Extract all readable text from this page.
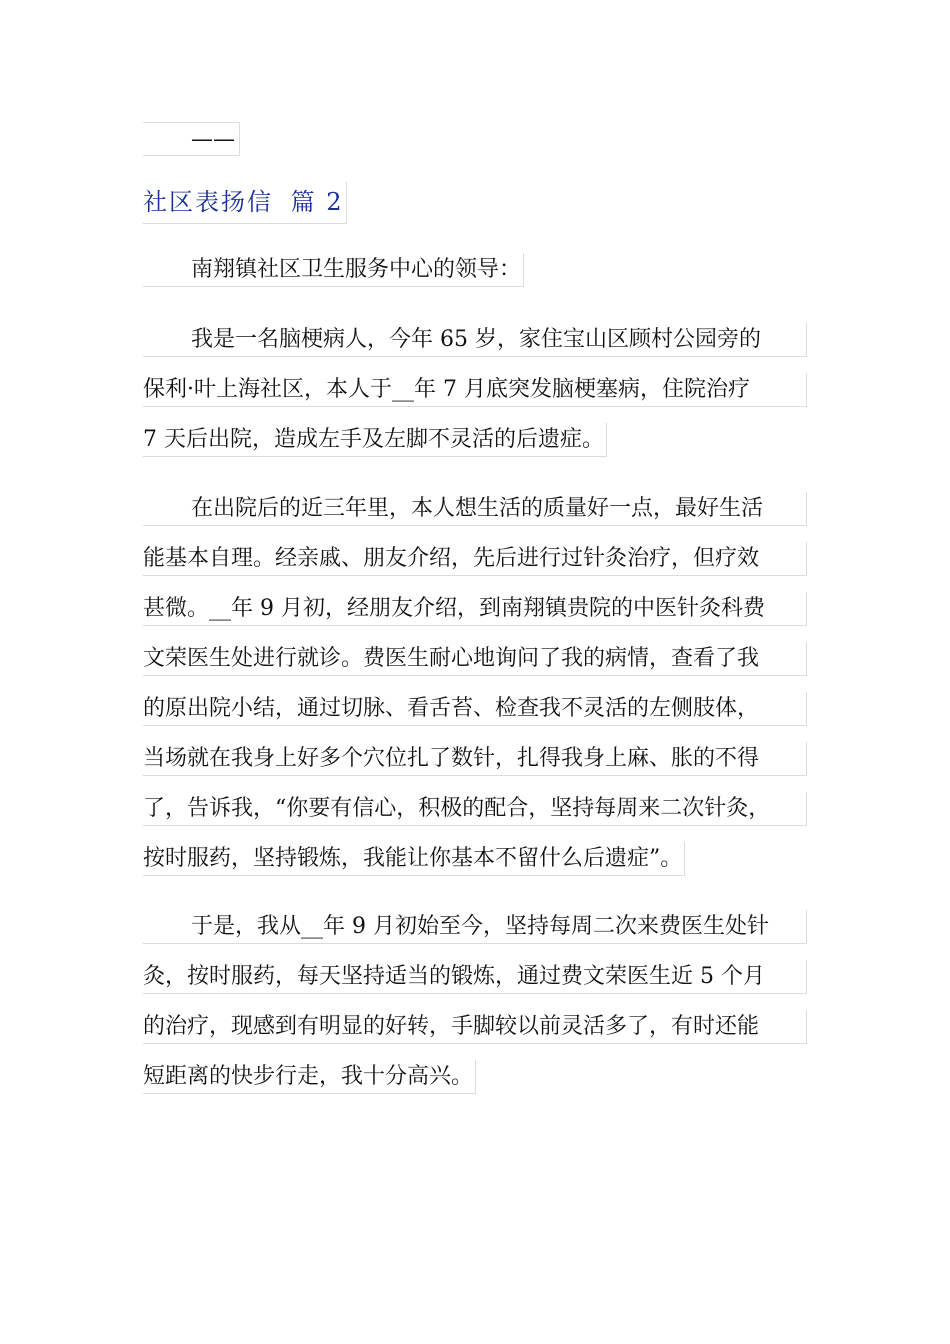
——
社区表扬信 篇 2
南翔镇社区卫生服务中心的领导：
我是一名脑梗病人，今年 65 岁，家住宝山区顾村公园旁的
保利·叶上海社区，本人于__年 7 月底突发脑梗塞病，住院治疗
7 天后出院，造成左手及左脚不灵活的后遗症。
在出院后的近三年里，本人想生活的质量好一点，最好生活
能基本自理。经亲戚、朋友介绍，先后进行过针灸治疗，但疗效
甚微。__年 9 月初，经朋友介绍，到南翔镇贵院的中医针灸科费
文荣医生处进行就诊。费医生耐心地询问了我的病情，查看了我
的原出院小结，通过切脉、看舌苔、检查我不灵活的左侧肢体，
当场就在我身上好多个穴位扎了数针，扎得我身上麻、胀的不得
了，告诉我，“你要有信心，积极的配合，坚持每周来二次针灸，
按时服药，坚持锻炼，我能让你基本不留什么后遗症”。
于是，我从__年 9 月初始至今，坚持每周二次来费医生处针
灸，按时服药，每天坚持适当的锻炼，通过费文荣医生近 5 个月
的治疗，现感到有明显的好转，手脚较以前灵活多了，有时还能
短距离的快步行走，我十分高兴。
